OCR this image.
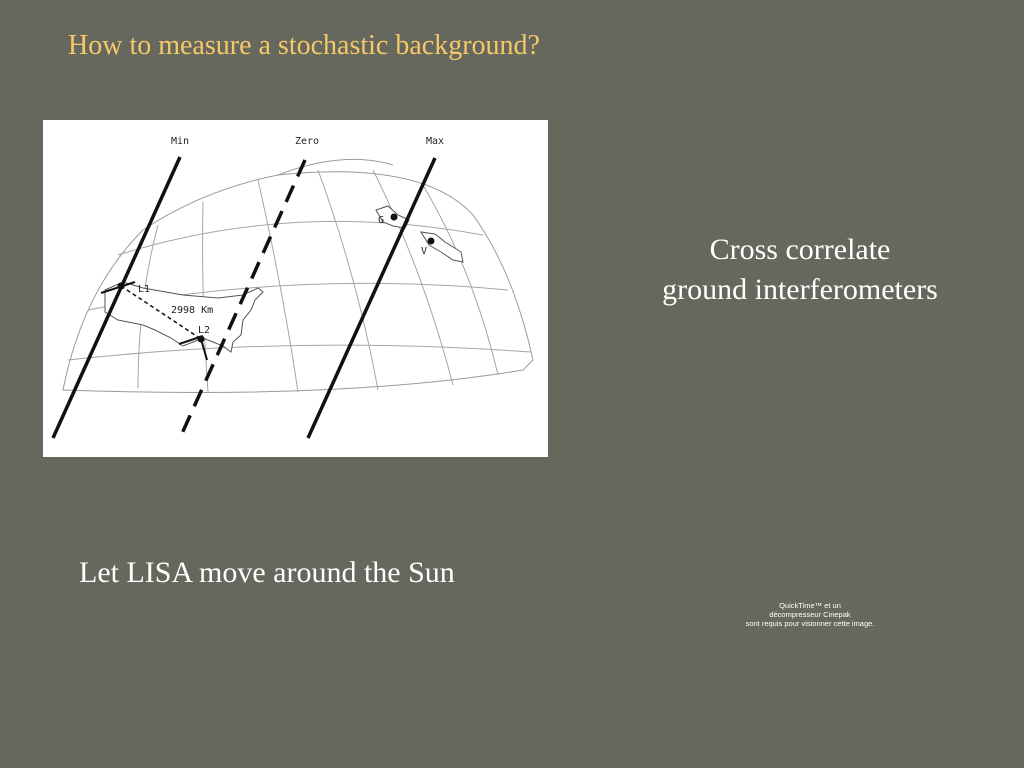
How to measure a stochastic background?
Min	Zero	Max
L1
L2
2998 Km
G
V	Cross correlate
ground interferometers
Let LISA move around the Sun
QuickTime™ et un
décompresseur Cinepak
sont requis pour visionner cette image.
